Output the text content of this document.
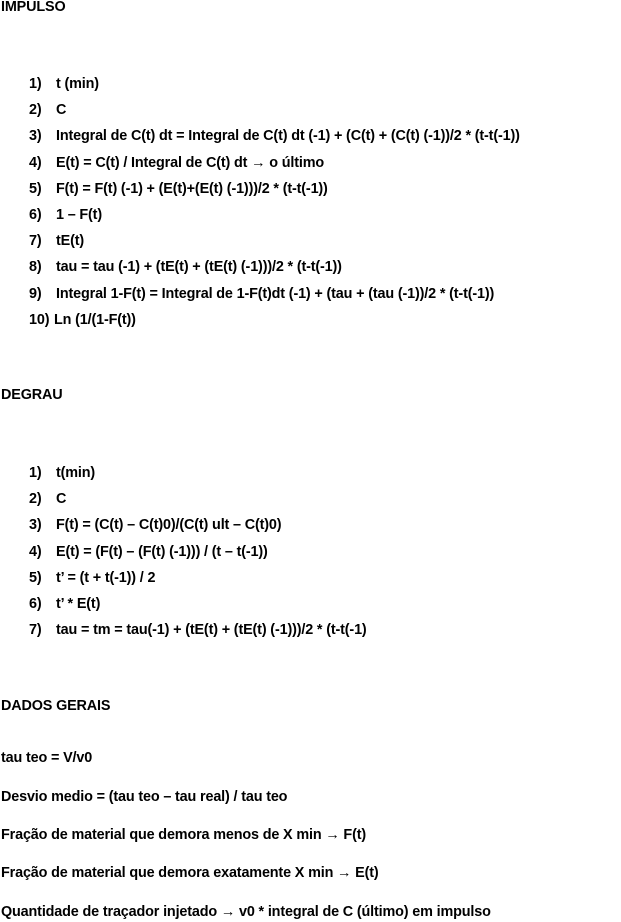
IMPULSO
1)	t (min)
2)	C
3)	Integral de C(t) dt = Integral de C(t) dt (-1) + (C(t) + (C(t) (-1))/2 * (t-t(-1))
4)	E(t) = C(t) / Integral de C(t) dt → o último
5)	F(t) = F(t) (-1) + (E(t)+(E(t) (-1)))/2 * (t-t(-1))
6)	1 – F(t)
7)	tE(t)
8)	tau = tau (-1) + (tE(t) + (tE(t) (-1)))/2 * (t-t(-1))
9)	Integral 1-F(t) = Integral de 1-F(t)dt (-1) + (tau + (tau (-1))/2 * (t-t(-1))
10) Ln (1/(1-F(t))
DEGRAU
1)	t(min)
2)	C
3)	F(t) = (C(t) – C(t)0)/(C(t) ult – C(t)0)
4)	E(t) = (F(t) – (F(t) (-1))) / (t – t(-1))
5)	t’ = (t + t(-1)) / 2
6)	t’ * E(t)
7)	tau = tm = tau(-1) + (tE(t) + (tE(t) (-1)))/2 * (t-t(-1)
DADOS GERAIS

tau teo = V/v0

Desvio medio = (tau teo – tau real) / tau teo

Fração de material que demora menos de X min → F(t)

Fração de material que demora exatamente X min → E(t)

Quantidade de traçador injetado → v0 * integral de C (último) em impulso
